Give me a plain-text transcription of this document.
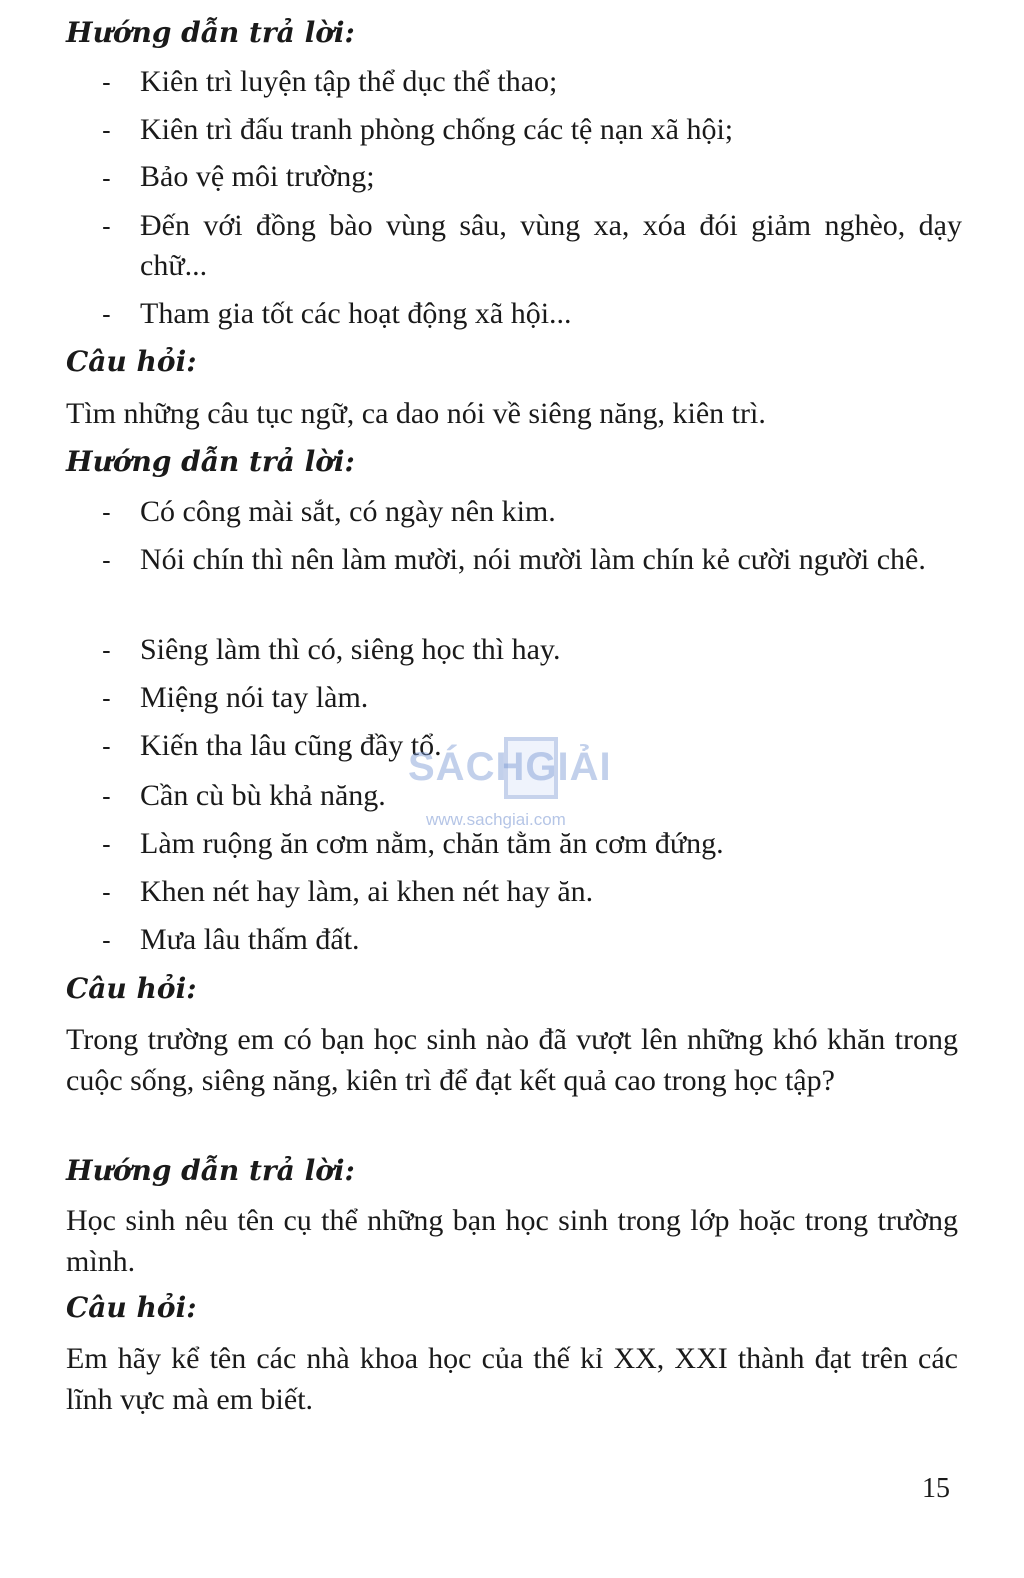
Hướng dẫn trả lời:
- Kiên trì luyện tập thể dục thể thao;
- Kiên trì đấu tranh phòng chống các tệ nạn xã hội;
- Bảo vệ môi trường;
- Đến với đồng bào vùng sâu, vùng xa, xóa đói giảm nghèo, dạy chữ...
- Tham gia tốt các hoạt động xã hội...
Câu hỏi:
Tìm những câu tục ngữ, ca dao nói về siêng năng, kiên trì.
Hướng dẫn trả lời:
- Có công mài sắt, có ngày nên kim.
- Nói chín thì nên làm mười, nói mười làm chín kẻ cười người chê.
- Siêng làm thì có, siêng học thì hay.
- Miệng nói tay làm.
- Kiến tha lâu cũng đầy tổ.
- Cần cù bù khả năng.
- Làm ruộng ăn cơm nằm, chăn tằm ăn cơm đứng.
- Khen nét hay làm, ai khen nét hay ăn.
- Mưa lâu thấm đất.
Câu hỏi:
Trong trường em có bạn học sinh nào đã vượt lên những khó khăn trong cuộc sống, siêng năng, kiên trì để đạt kết quả cao trong học tập?
Hướng dẫn trả lời:
Học sinh nêu tên cụ thể những bạn học sinh trong lớp hoặc trong trường mình.
Câu hỏi:
Em hãy kể tên các nhà khoa học của thế kỉ XX, XXI thành đạt trên các lĩnh vực mà em biết.
SÁCHGIẢI
www.sachgiai.com
15
